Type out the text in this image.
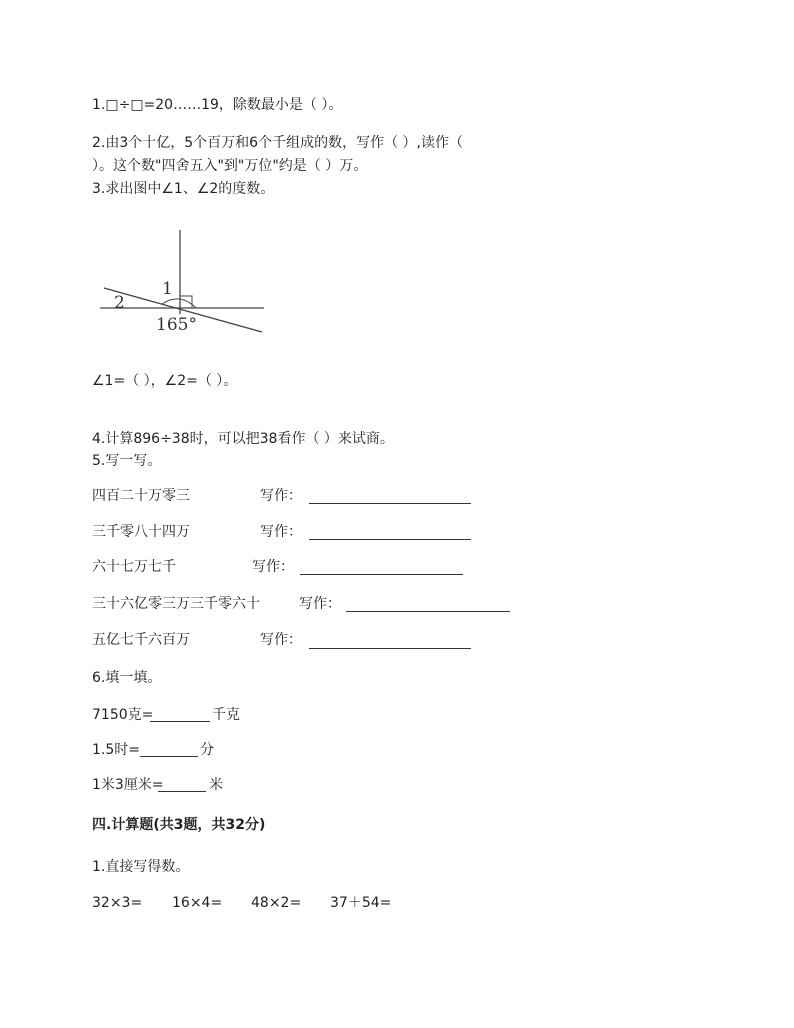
1.□÷□=20……19，除数最小是（ ）。
2.由3个十亿，5个百万和6个千组成的数，写作（ ）,读作（
）。这个数"四舍五入"到"万位"约是（ ）万。
3.求出图中∠1、∠2的度数。
1
2
165°
∠1=（ ），∠2=（ ）。
4.计算896÷38时，可以把38看作（ ）来试商。
5.写一写。
四百二十万零三	写作：
三千零八十四万	写作：
六十七万七千	写作：
三十六亿零三万三千零六十	写作：
五亿七千六百万	写作：
6.填一填。
7150克=	千克
1.5时=	分
1米3厘米=	米
四.计算题(共3题，共32分)
1.直接写得数。
32×3= 16×4= 48×2= 37＋54=
